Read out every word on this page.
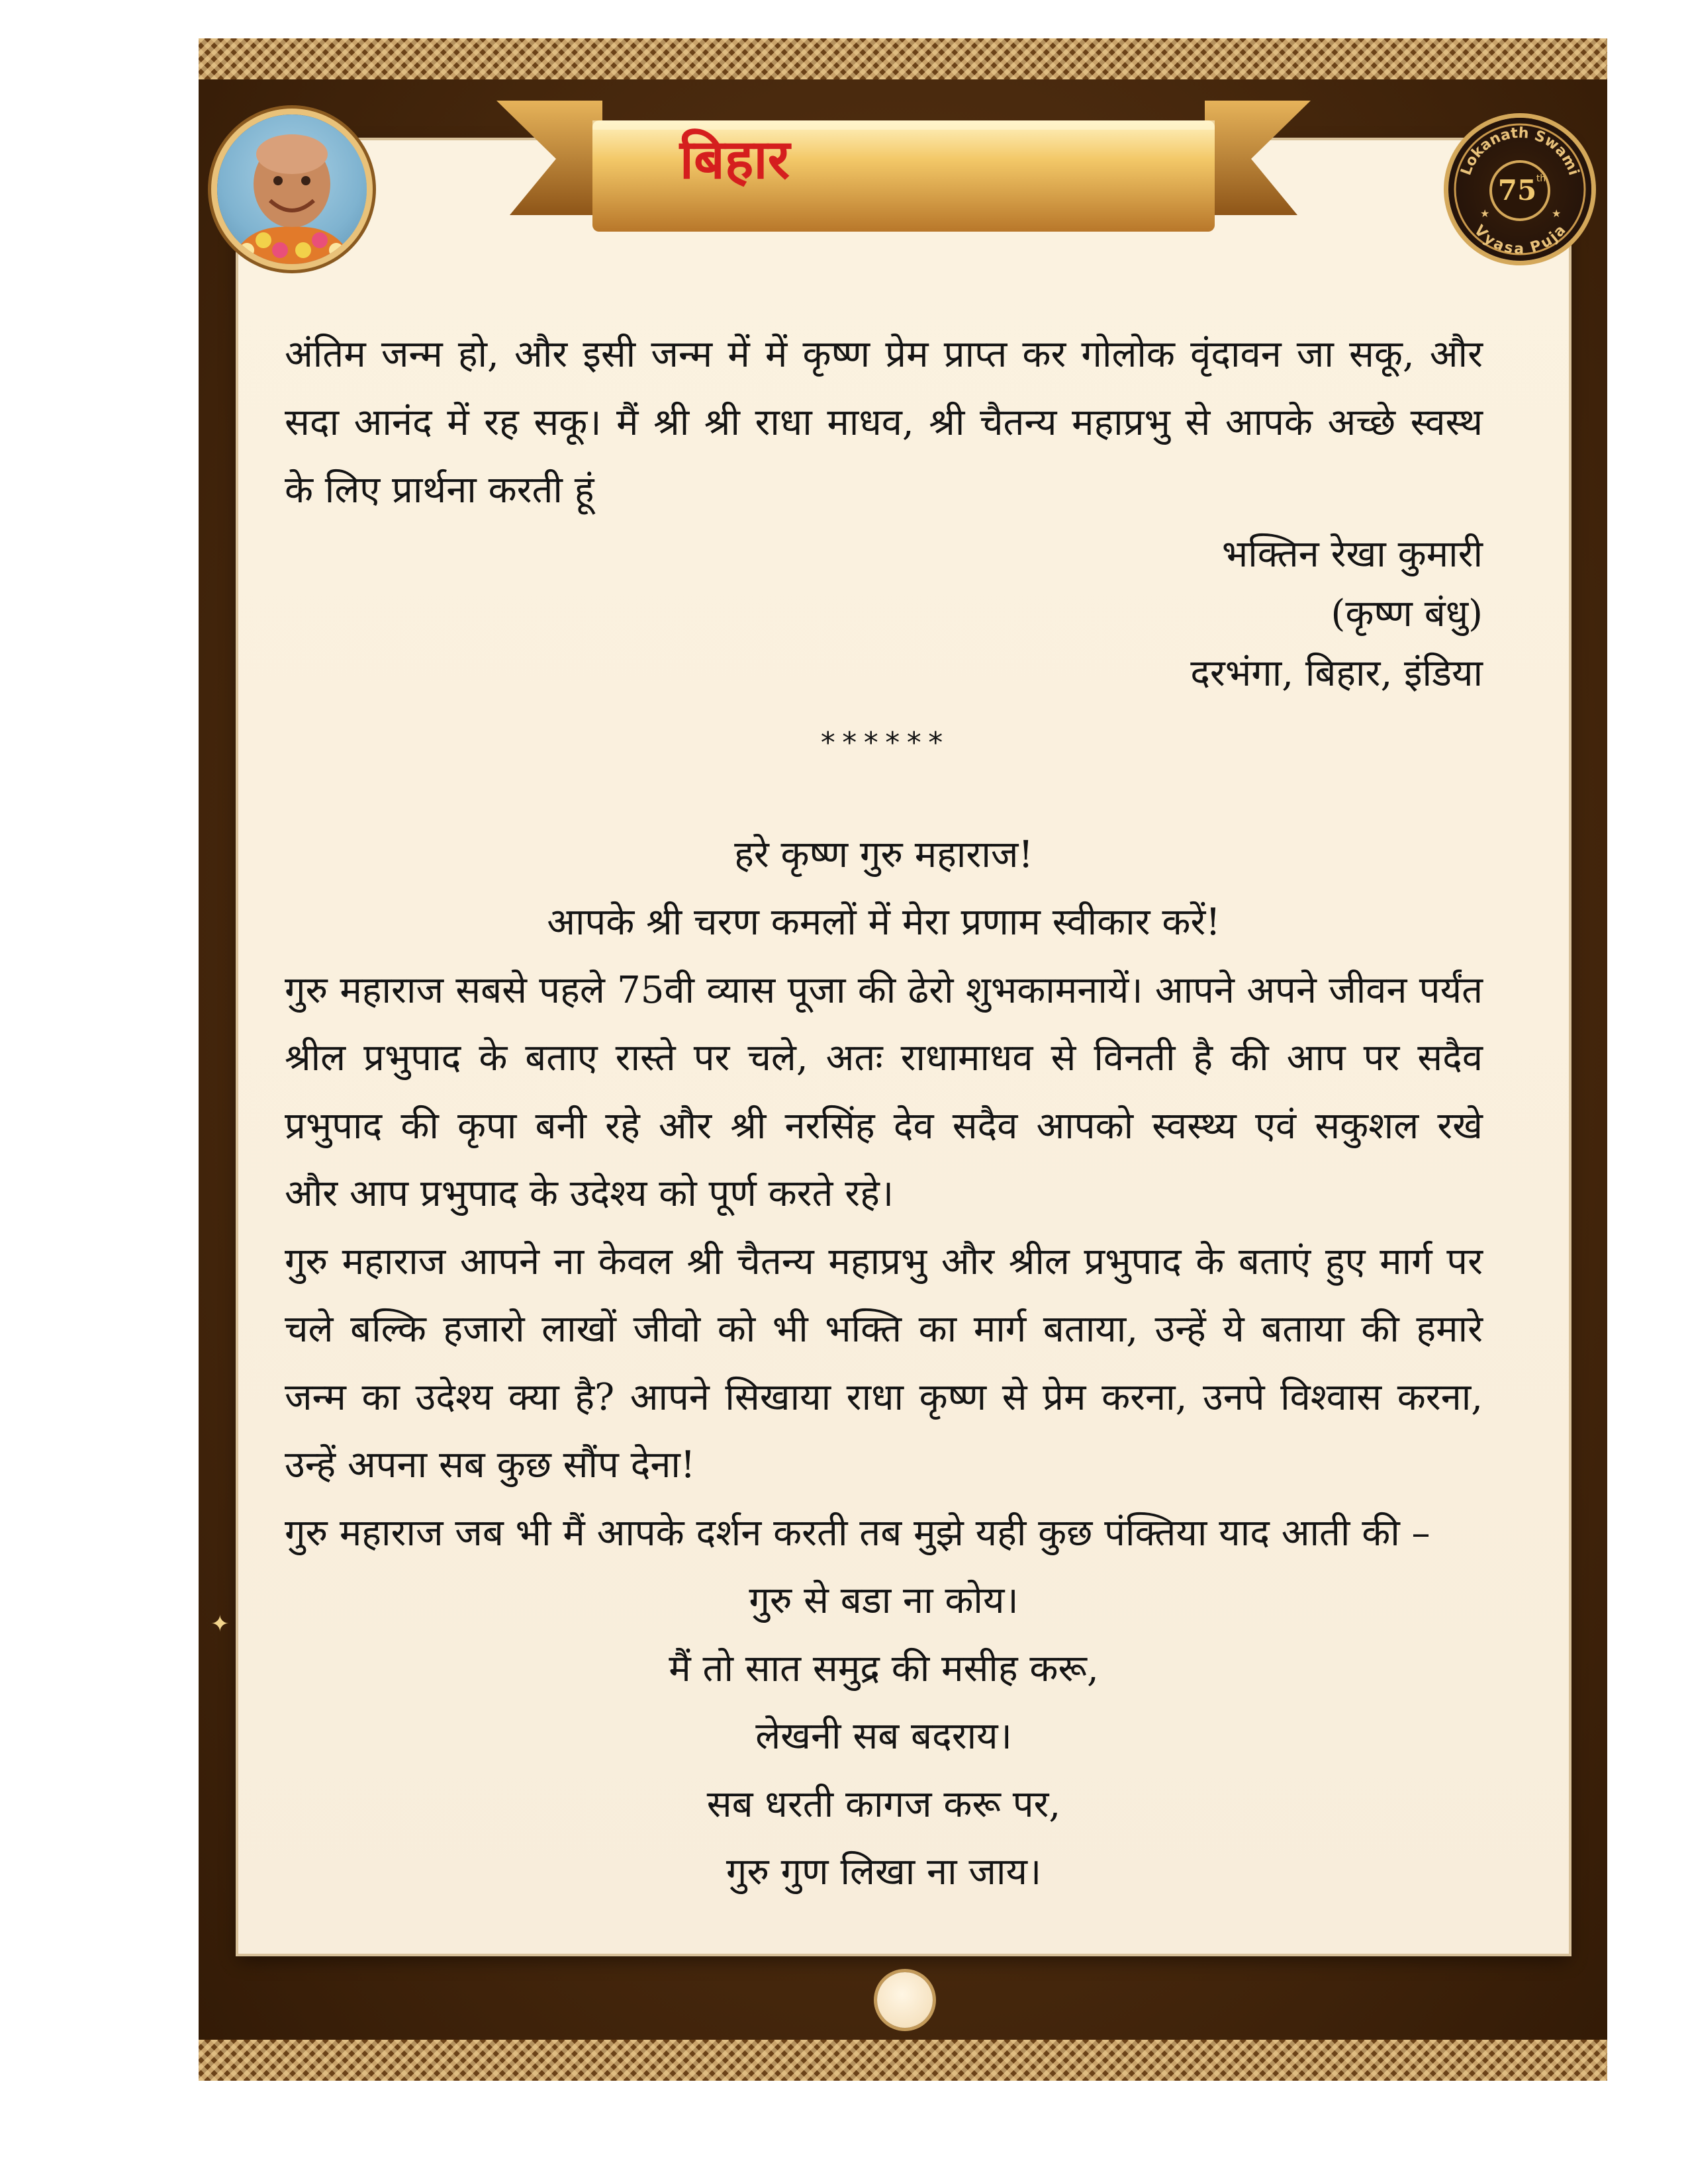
बिहार	Lokanath Swami
Vyasa Puja
75 th
★	★
✦
अंतिम जन्म हो, और इसी जन्म में में कृष्ण प्रेम प्राप्त कर गोलोक वृंदावन जा सकू, और
सदा आनंद में रह सकू। मैं श्री श्री राधा माधव, श्री चैतन्य महाप्रभु से आपके अच्छे स्वस्थ
के लिए प्रार्थना करती हूं
भक्तिन रेखा कुमारी
(कृष्ण बंधु)
दरभंगा, बिहार, इंडिया
******
हरे कृष्ण गुरु महाराज!
आपके श्री चरण कमलों में मेरा प्रणाम स्वीकार करें!
गुरु महाराज सबसे पहले 75वी व्यास पूजा की ढेरो शुभकामनायें। आपने अपने जीवन पर्यंत
श्रील प्रभुपाद के बताए रास्ते पर चले, अतः राधामाधव से विनती है की आप पर सदैव
प्रभुपाद की कृपा बनी रहे और श्री नरसिंह देव सदैव आपको स्वस्थ्य एवं सकुशल रखे
और आप प्रभुपाद के उदेश्य को पूर्ण करते रहे।
गुरु महाराज आपने ना केवल श्री चैतन्य महाप्रभु और श्रील प्रभुपाद के बताएं हुए मार्ग पर
चले बल्कि हजारो लाखों जीवो को भी भक्ति का मार्ग बताया, उन्हें ये बताया की हमारे
जन्म का उदेश्य क्या है? आपने सिखाया राधा कृष्ण से प्रेम करना, उनपे विश्वास करना,
उन्हें अपना सब कुछ सौंप देना!
गुरु महाराज जब भी मैं आपके दर्शन करती तब मुझे यही कुछ पंक्तिया याद आती की –
गुरु से बडा ना कोय।
मैं तो सात समुद्र की मसीह करू,
लेखनी सब बदराय।
सब धरती कागज करू पर,
गुरु गुण लिखा ना जाय।
